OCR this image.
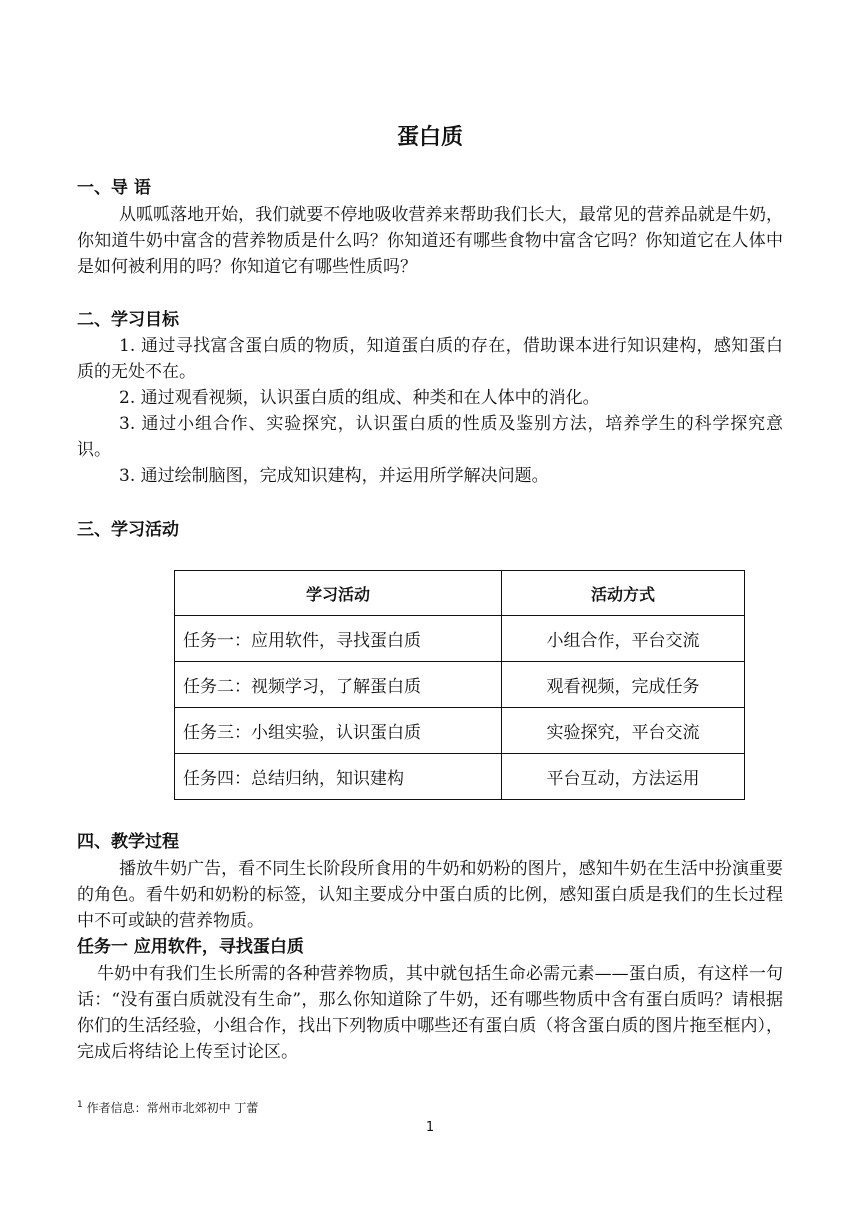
蛋白质
一、导 语
从呱呱落地开始，我们就要不停地吸收营养来帮助我们长大，最常见的营养品就是牛奶，你知道牛奶中富含的营养物质是什么吗？你知道还有哪些食物中富含它吗？你知道它在人体中是如何被利用的吗？你知道它有哪些性质吗？
二、学习目标
1. 通过寻找富含蛋白质的物质，知道蛋白质的存在，借助课本进行知识建构，感知蛋白质的无处不在。
2. 通过观看视频，认识蛋白质的组成、种类和在人体中的消化。
3. 通过小组合作、实验探究，认识蛋白质的性质及鉴别方法，培养学生的科学探究意识。
3. 通过绘制脑图，完成知识建构，并运用所学解决问题。
三、学习活动
学习活动	活动方式
任务一：应用软件，寻找蛋白质	小组合作，平台交流
任务二：视频学习，了解蛋白质	观看视频，完成任务
任务三：小组实验，认识蛋白质	实验探究，平台交流
任务四：总结归纳，知识建构	平台互动，方法运用
四、教学过程
播放牛奶广告，看不同生长阶段所食用的牛奶和奶粉的图片，感知牛奶在生活中扮演重要的角色。看牛奶和奶粉的标签，认知主要成分中蛋白质的比例，感知蛋白质是我们的生长过程中不可或缺的营养物质。
任务一 应用软件，寻找蛋白质
牛奶中有我们生长所需的各种营养物质，其中就包括生命必需元素——蛋白质，有这样一句话：“没有蛋白质就没有生命”，那么你知道除了牛奶，还有哪些物质中含有蛋白质吗？请根据你们的生活经验，小组合作，找出下列物质中哪些还有蛋白质（将含蛋白质的图片拖至框内），完成后将结论上传至讨论区。
$^1$ 作者信息：常州市北郊初中 丁蕾
1
